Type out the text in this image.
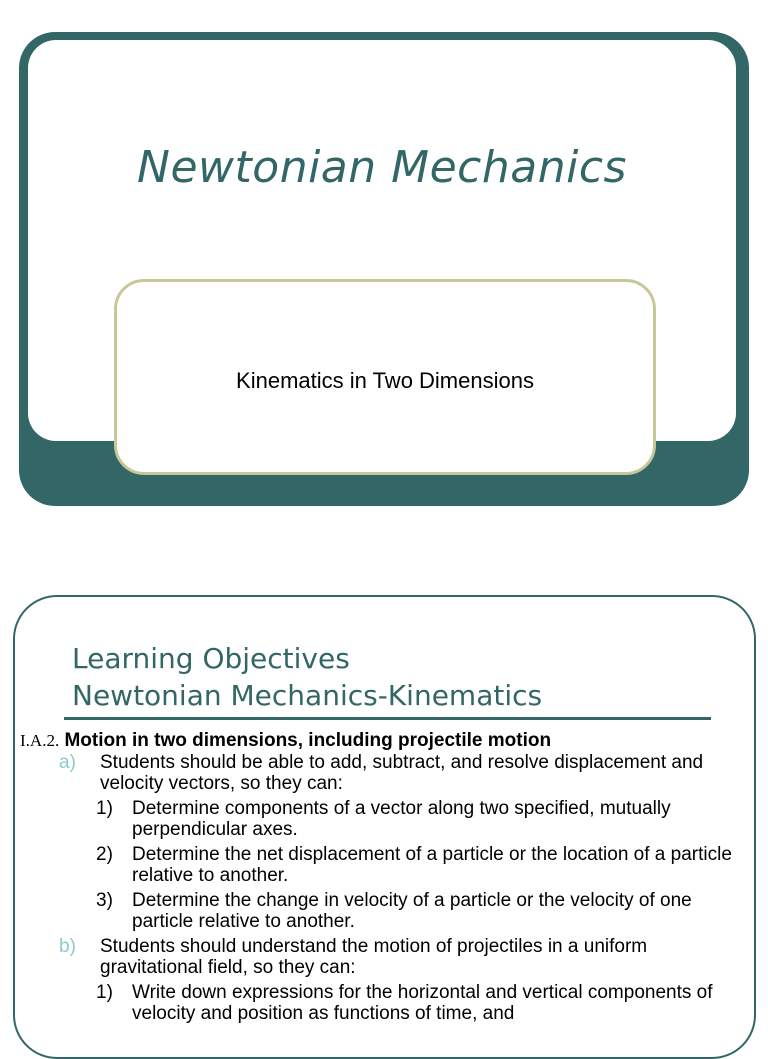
Newtonian Mechanics
Kinematics in Two Dimensions
Learning Objectives
Newtonian Mechanics-Kinematics
I.A.2. Motion in two dimensions, including projectile motion
a) Students should be able to add, subtract, and resolve displacement and velocity vectors, so they can:
1) Determine components of a vector along two specified, mutually perpendicular axes.
2) Determine the net displacement of a particle or the location of a particle relative to another.
3) Determine the change in velocity of a particle or the velocity of one particle relative to another.
b) Students should understand the motion of projectiles in a uniform gravitational field, so they can:
1) Write down expressions for the horizontal and vertical components of velocity and position as functions of time, and
